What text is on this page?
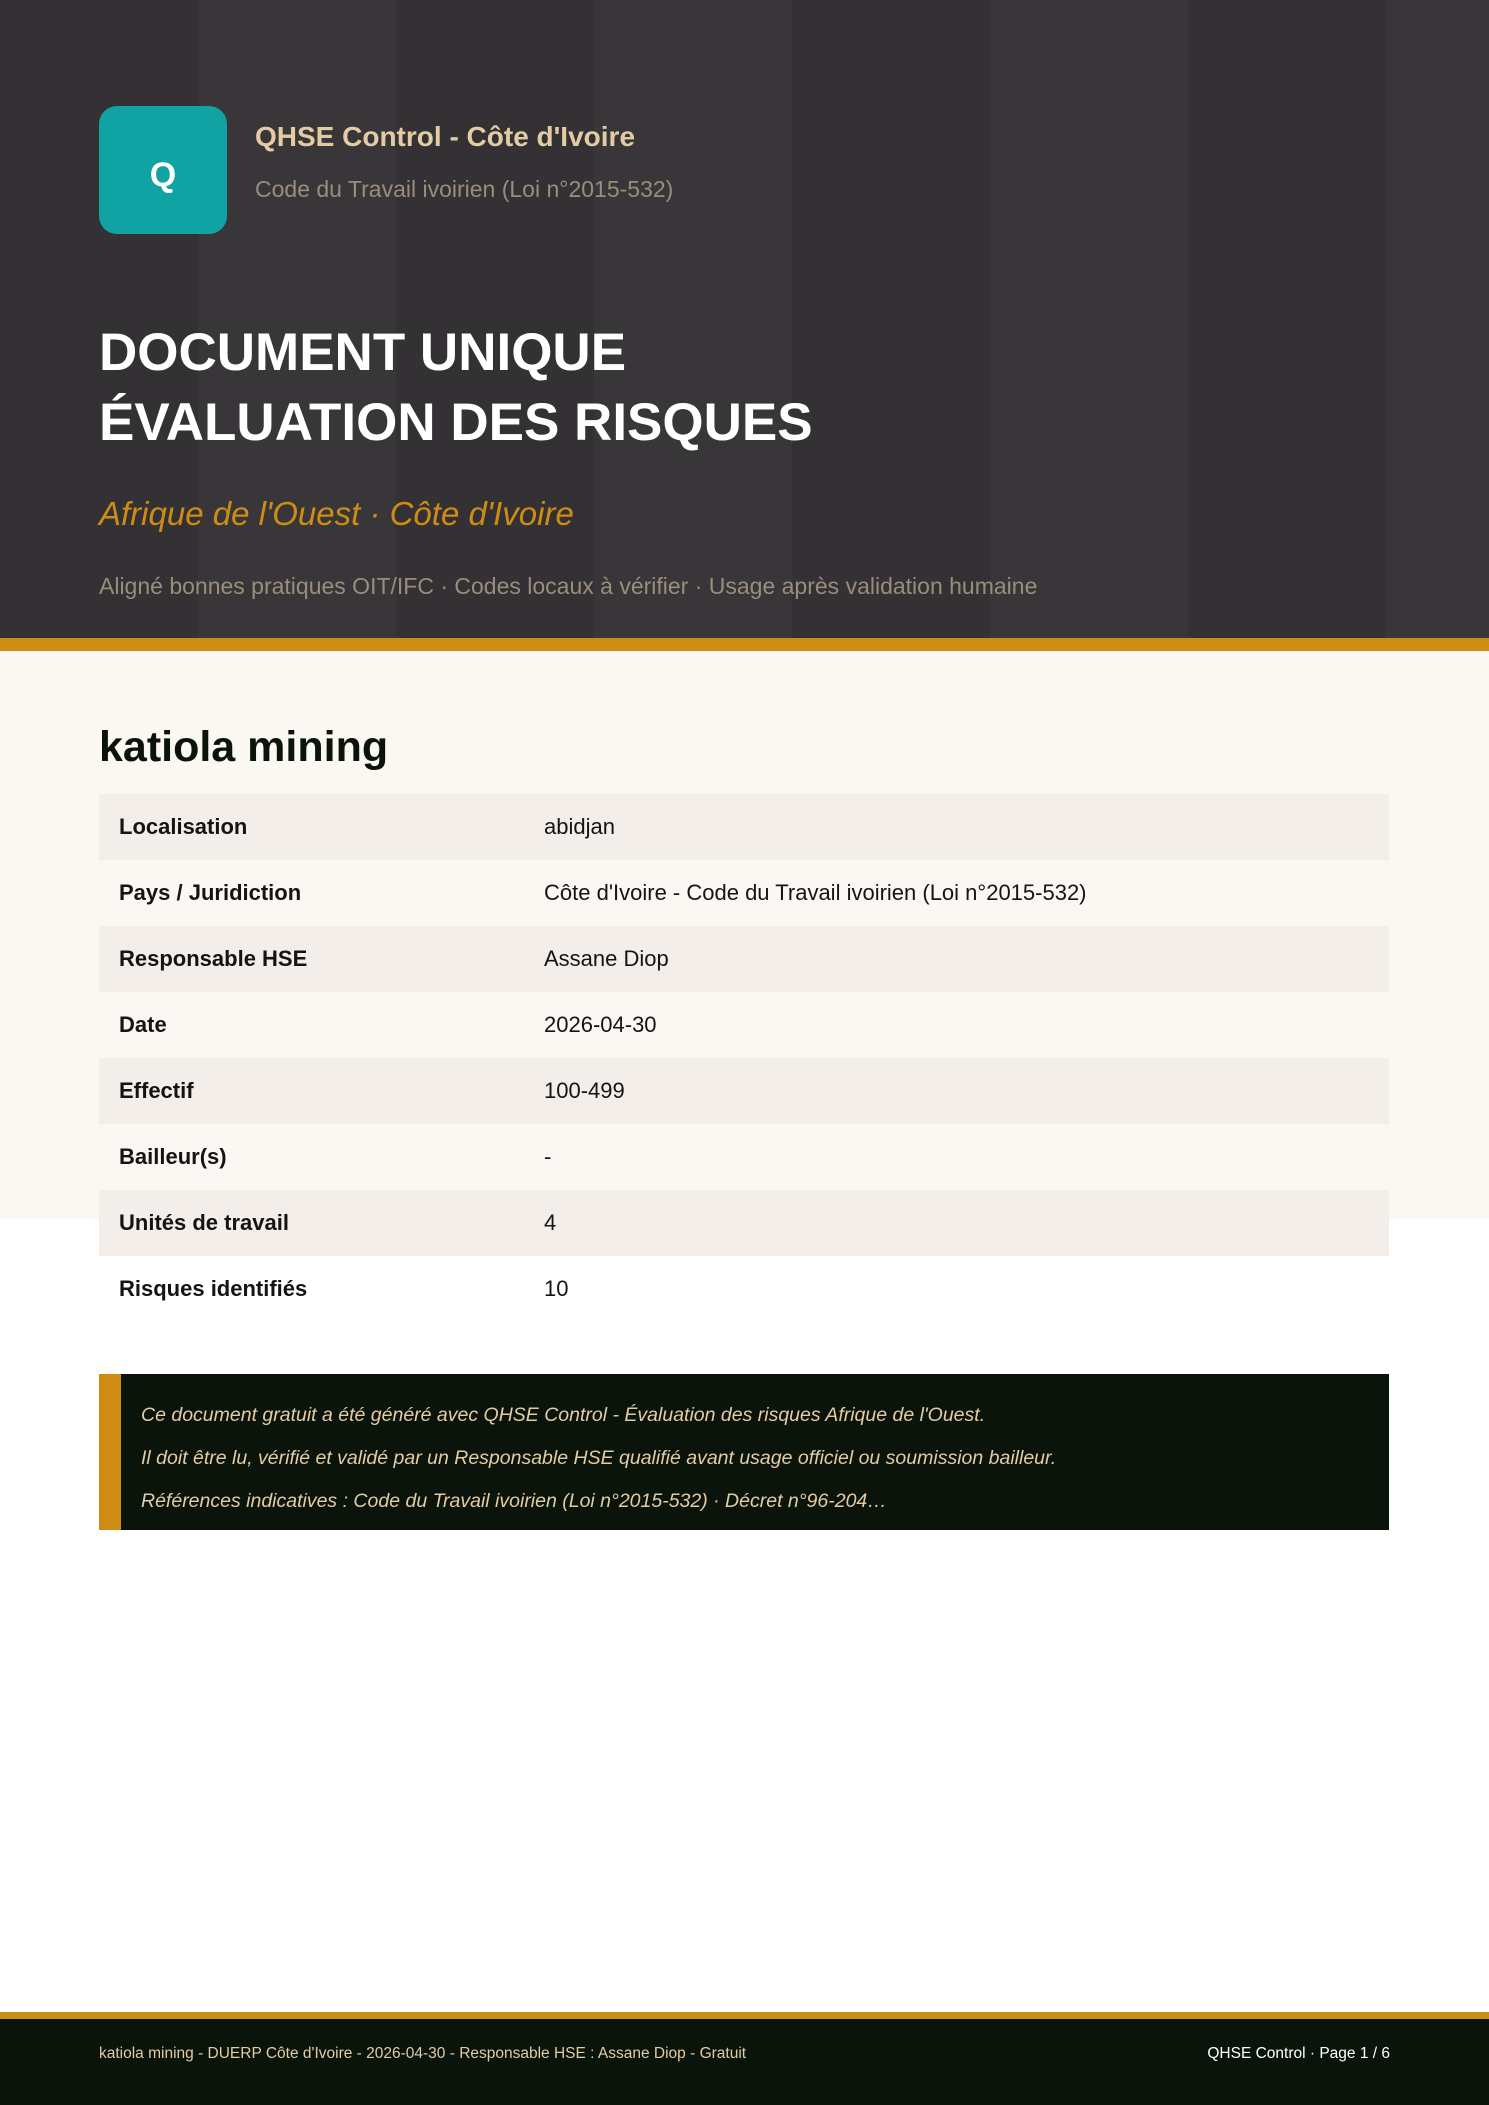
Q
QHSE Control - Côte d'Ivoire
Code du Travail ivoirien (Loi n°2015-532)
DOCUMENT UNIQUE
ÉVALUATION DES RISQUES
Afrique de l'Ouest · Côte d'Ivoire
Aligné bonnes pratiques OIT/IFC · Codes locaux à vérifier · Usage après validation humaine
katiola mining
Localisation	abidjan
Pays / Juridiction	Côte d'Ivoire - Code du Travail ivoirien (Loi n°2015-532)
Responsable HSE	Assane Diop
Date	2026-04-30
Effectif	100-499
Bailleur(s)	-
Unités de travail	4
Risques identifiés	10
Ce document gratuit a été généré avec QHSE Control - Évaluation des risques Afrique de l'Ouest.
Il doit être lu, vérifié et validé par un Responsable HSE qualifié avant usage officiel ou soumission bailleur.
Références indicatives : Code du Travail ivoirien (Loi n°2015-532) · Décret n°96-204…
katiola mining - DUERP Côte d'Ivoire - 2026-04-30 - Responsable HSE : Assane Diop - Gratuit	QHSE Control · Page 1 / 6
